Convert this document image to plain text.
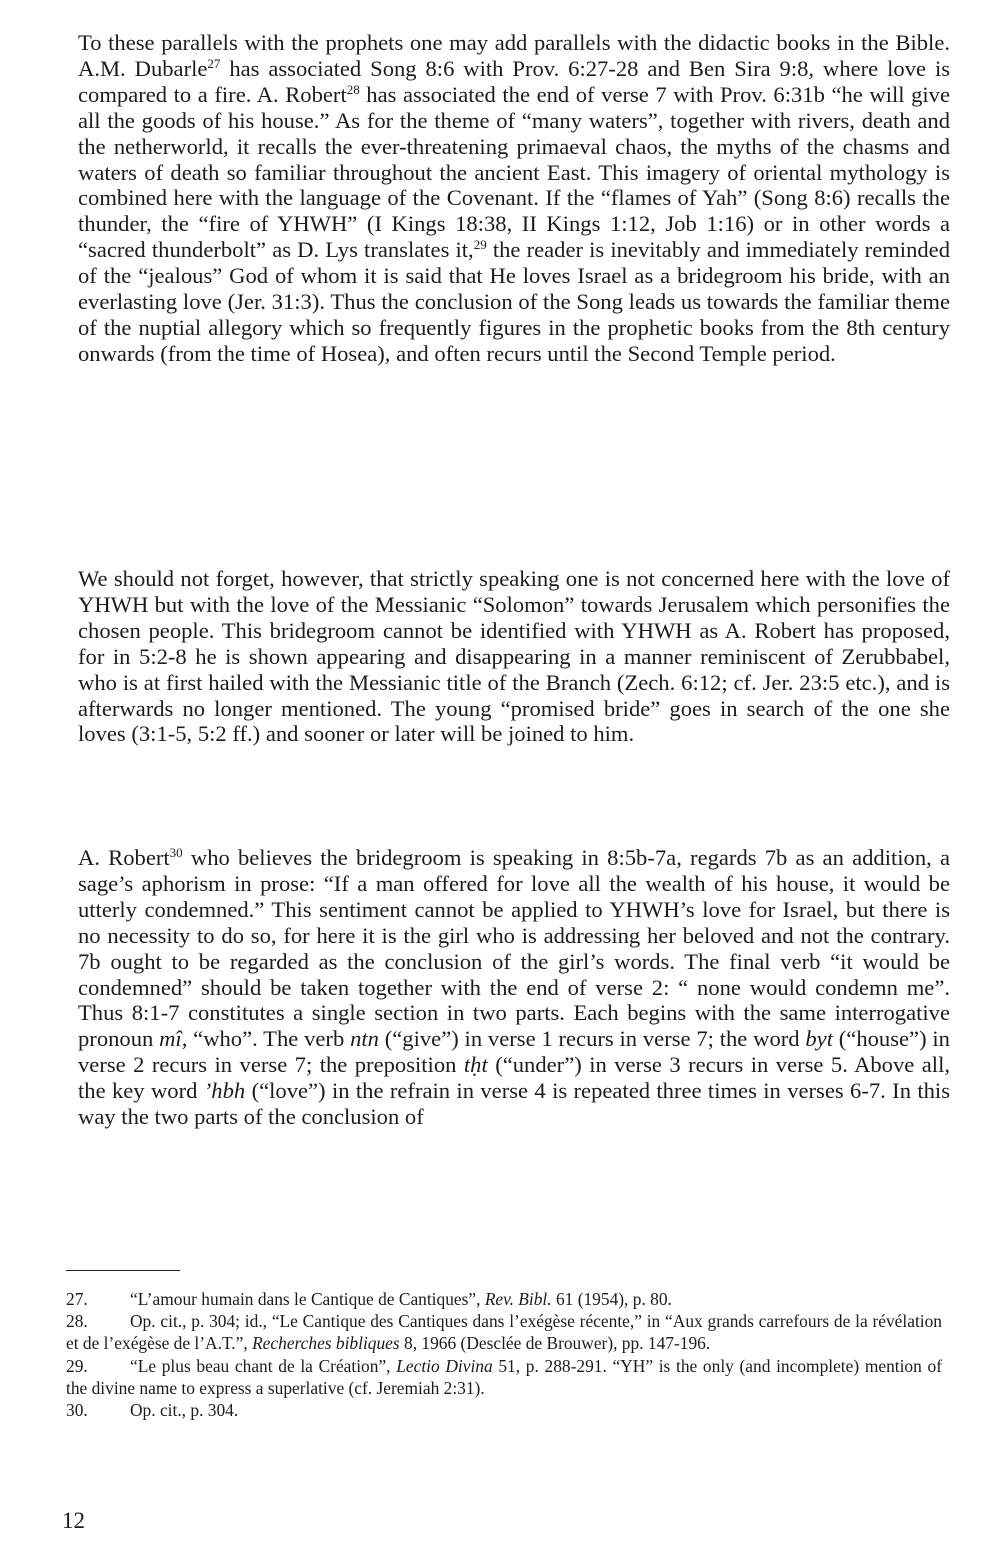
To these parallels with the prophets one may add parallels with the didactic books in the Bible. A.M. Dubarle$^{27}$ has associated Song 8:6 with Prov. 6:27-28 and Ben Sira 9:8, where love is compared to a fire. A. Robert$^{28}$ has associated the end of verse 7 with Prov. 6:31b “he will give all the goods of his house.” As for the theme of “many waters”, together with rivers, death and the netherworld, it recalls the ever-threatening primaeval chaos, the myths of the chasms and waters of death so familiar throughout the ancient East. This imagery of oriental mythology is combined here with the language of the Covenant. If the “flames of Yah” (Song 8:6) recalls the thunder, the “fire of YHWH” (I Kings 18:38, II Kings 1:12, Job 1:16) or in other words a “sacred thunderbolt” as D. Lys translates it,$^{29}$ the reader is inevitably and immediately reminded of the “jealous” God of whom it is said that He loves Israel as a bridegroom his bride, with an everlasting love (Jer. 31:3). Thus the conclusion of the Song leads us towards the familiar theme of the nuptial allegory which so frequently figures in the prophetic books from the 8th century onwards (from the time of Hosea), and often recurs until the Second Temple period.

We should not forget, however, that strictly speaking one is not concerned here with the love of YHWH but with the love of the Messianic “Solomon” towards Jerusalem which personifies the chosen people. This bridegroom cannot be identified with YHWH as A. Robert has proposed, for in 5:2-8 he is shown appearing and disappearing in a manner reminiscent of Zerubbabel, who is at first hailed with the Messianic title of the Branch (Zech. 6:12; cf. Jer. 23:5 etc.), and is afterwards no longer mentioned. The young “promised bride” goes in search of the one she loves (3:1-5, 5:2 ff.) and sooner or later will be joined to him.

A. Robert$^{30}$ who believes the bridegroom is speaking in 8:5b-7a, regards 7b as an addition, a sage’s aphorism in prose: “If a man offered for love all the wealth of his house, it would be utterly condemned.” This sentiment cannot be applied to YHWH’s love for Israel, but there is no necessity to do so, for here it is the girl who is addressing her beloved and not the contrary. 7b ought to be regarded as the conclusion of the girl’s words. The final verb “it would be condemned” should be taken together with the end of verse 2: “ none would condemn me”. Thus 8:1-7 constitutes a single section in two parts. Each begins with the same interrogative pronoun mî, “who”. The verb ntn (“give”) in verse 1 recurs in verse 7; the word byt (“house”) in verse 2 recurs in verse 7; the preposition tḥt (“under”) in verse 3 recurs in verse 5. Above all, the key word ’hbh (“love”) in the refrain in verse 4 is repeated three times in verses 6-7. In this way the two parts of the conclusion of

27. “L’amour humain dans le Cantique de Cantiques”, Rev. Bibl. 61 (1954), p. 80.
28. Op. cit., p. 304; id., “Le Cantique des Cantiques dans l’exégèse récente,” in “Aux grands carrefours de la révélation et de l’exégèse de l’A.T.”, Recherches bibliques 8, 1966 (Desclée de Brouwer), pp. 147-196.
29. “Le plus beau chant de la Création”, Lectio Divina 51, p. 288-291. “YH” is the only (and incomplete) mention of the divine name to express a superlative (cf. Jeremiah 2:31).
30. Op. cit., p. 304.
12
